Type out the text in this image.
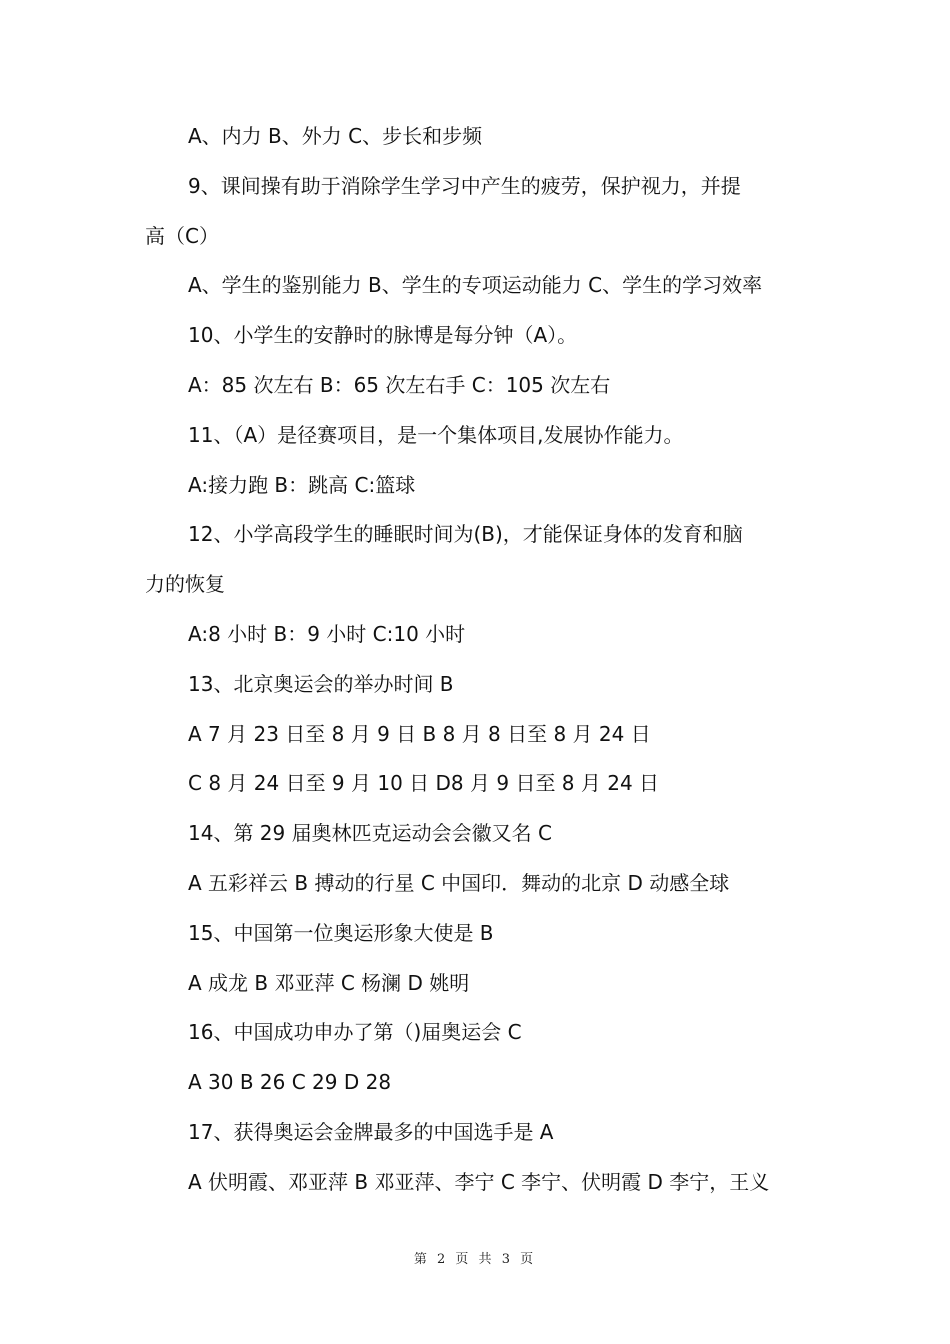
A、内力 B、外力 C、步长和步频
9、课间操有助于消除学生学习中产生的疲劳，保护视力，并提
高（C）
A、学生的鉴别能力 B、学生的专项运动能力 C、学生的学习效率
10、小学生的安静时的脉博是每分钟（A）。
A：85 次左右 B：65 次左右手 C：105 次左右
11、（A）是径赛项目，是一个集体项目,发展协作能力。
A:接力跑 B：跳高 C:篮球
12、小学高段学生的睡眠时间为(B)，才能保证身体的发育和脑
力的恢复
A:8 小时 B：9 小时 C:10 小时
13、北京奥运会的举办时间 B
A 7 月 23 日至 8 月 9 日 B 8 月 8 日至 8 月 24 日
C 8 月 24 日至 9 月 10 日 D8 月 9 日至 8 月 24 日
14、第 29 届奥林匹克运动会会徽又名 C
A 五彩祥云 B 搏动的行星 C 中国印．舞动的北京 D 动感全球
15、中国第一位奥运形象大使是 B
A 成龙 B 邓亚萍 C 杨澜 D 姚明
16、中国成功申办了第（)届奥运会 C
A 30 B 26 C 29 D 28
17、获得奥运会金牌最多的中国选手是 A
A 伏明霞、邓亚萍 B 邓亚萍、李宁 C 李宁、伏明霞 D 李宁，王义
第 2 页 共 3 页
